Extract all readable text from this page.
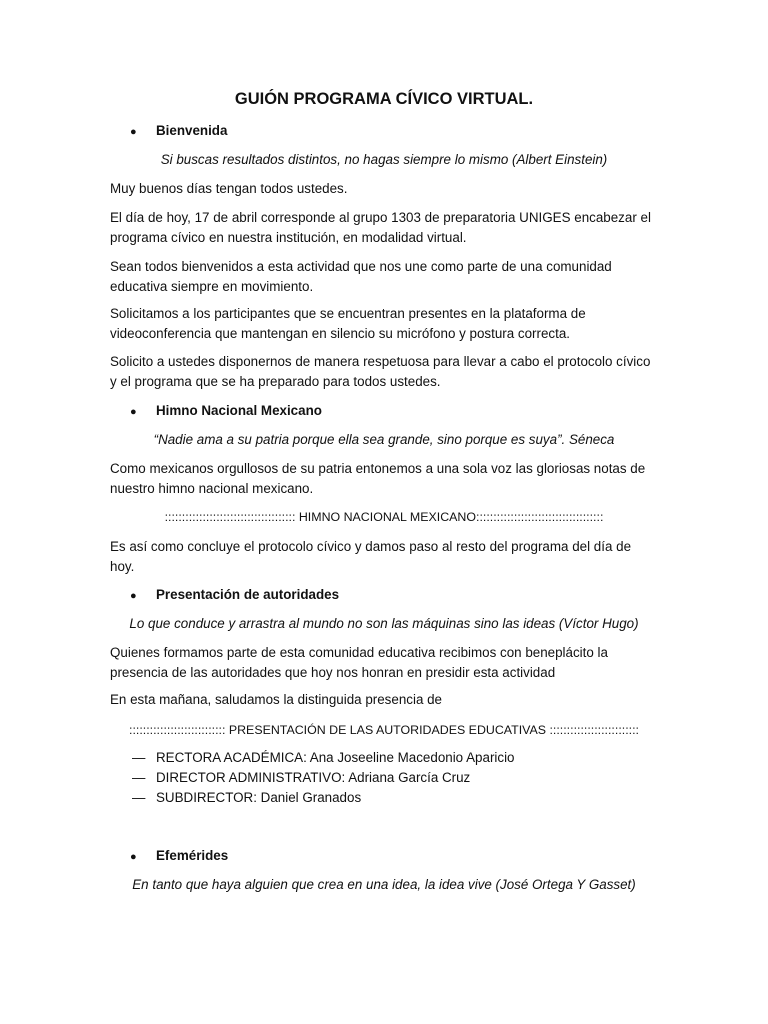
GUIÓN PROGRAMA CÍVICO VIRTUAL.
● Bienvenida
Si buscas resultados distintos, no hagas siempre lo mismo (Albert Einstein)
Muy buenos días tengan todos ustedes.
El día de hoy, 17 de abril corresponde al grupo 1303 de preparatoria UNIGES encabezar el programa cívico en nuestra institución, en modalidad virtual.
Sean todos bienvenidos a esta actividad que nos une como parte de una comunidad educativa siempre en movimiento.
Solicitamos a los participantes que se encuentran presentes en la plataforma de videoconferencia que mantengan en silencio su micrófono y postura correcta.
Solicito a ustedes disponernos de manera respetuosa para llevar a cabo el protocolo cívico y el programa que se ha preparado para todos ustedes.
● Himno Nacional Mexicano
“Nadie ama a su patria porque ella sea grande, sino porque es suya”. Séneca
Como mexicanos orgullosos de su patria entonemos a una sola voz las gloriosas notas de nuestro himno nacional mexicano.
:::::::::::::::::::::::::::::::::::::: HIMNO NACIONAL MEXICANO:::::::::::::::::::::::::::::::::::::
Es así como concluye el protocolo cívico y damos paso al resto del programa del día de hoy.
● Presentación de autoridades
Lo que conduce y arrastra al mundo no son las máquinas sino las ideas (Víctor Hugo)
Quienes formamos parte de esta comunidad educativa recibimos con beneplácito la presencia de las autoridades que hoy nos honran en presidir esta actividad
En esta mañana, saludamos la distinguida presencia de
:::::::::::::::::::::::::::: PRESENTACIÓN DE LAS AUTORIDADES EDUCATIVAS ::::::::::::::::::::::::::
— RECTORA ACADÉMICA: Ana Joseeline Macedonio Aparicio
— DIRECTOR ADMINISTRATIVO: Adriana García Cruz
— SUBDIRECTOR: Daniel Granados
● Efemérides
En tanto que haya alguien que crea en una idea, la idea vive (José Ortega Y Gasset)
